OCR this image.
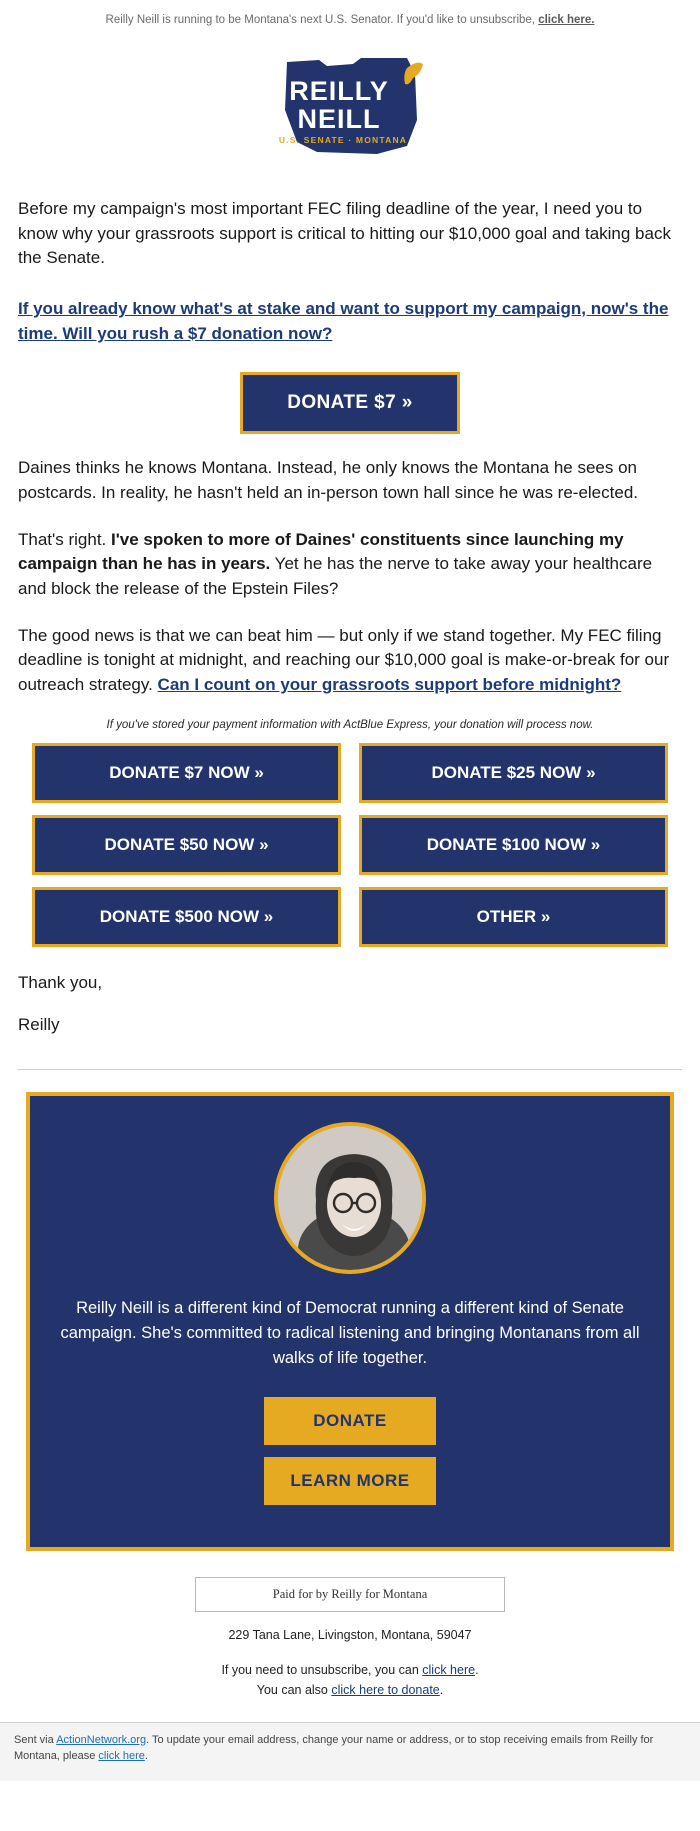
Reilly Neill is running to be Montana's next U.S. Senator. If you'd like to unsubscribe, click here.
REILLY
NEILL
U.S. SENATE · MONTANA

Before my campaign's most important FEC filing deadline of the year, I need you to know why your grassroots support is critical to hitting our $10,000 goal and taking back the Senate.

If you already know what's at stake and want to support my campaign, now's the time. Will you rush a $7 donation now?

DONATE $7 »

Daines thinks he knows Montana. Instead, he only knows the Montana he sees on postcards. In reality, he hasn't held an in-person town hall since he was re-elected.

That's right. I've spoken to more of Daines' constituents since launching my campaign than he has in years. Yet he has the nerve to take away your healthcare and block the release of the Epstein Files?

The good news is that we can beat him — but only if we stand together. My FEC filing deadline is tonight at midnight, and reaching our $10,000 goal is make-or-break for our outreach strategy. Can I count on your grassroots support before midnight?

If you've stored your payment information with ActBlue Express, your donation will process now.

DONATE $7 NOW »	DONATE $25 NOW »
DONATE $50 NOW »	DONATE $100 NOW »
DONATE $500 NOW »	OTHER »

Thank you,

Reilly

Reilly Neill is a different kind of Democrat running a different kind of Senate campaign. She's committed to radical listening and bringing Montanans from all walks of life together.

DONATE
LEARN MORE
Paid for by Reilly for Montana
229 Tana Lane, Livingston, Montana, 59047
If you need to unsubscribe, you can click here.
You can also click here to donate.
Sent via ActionNetwork.org. To update your email address, change your name or address, or to stop receiving emails from Reilly for Montana, please click here.
